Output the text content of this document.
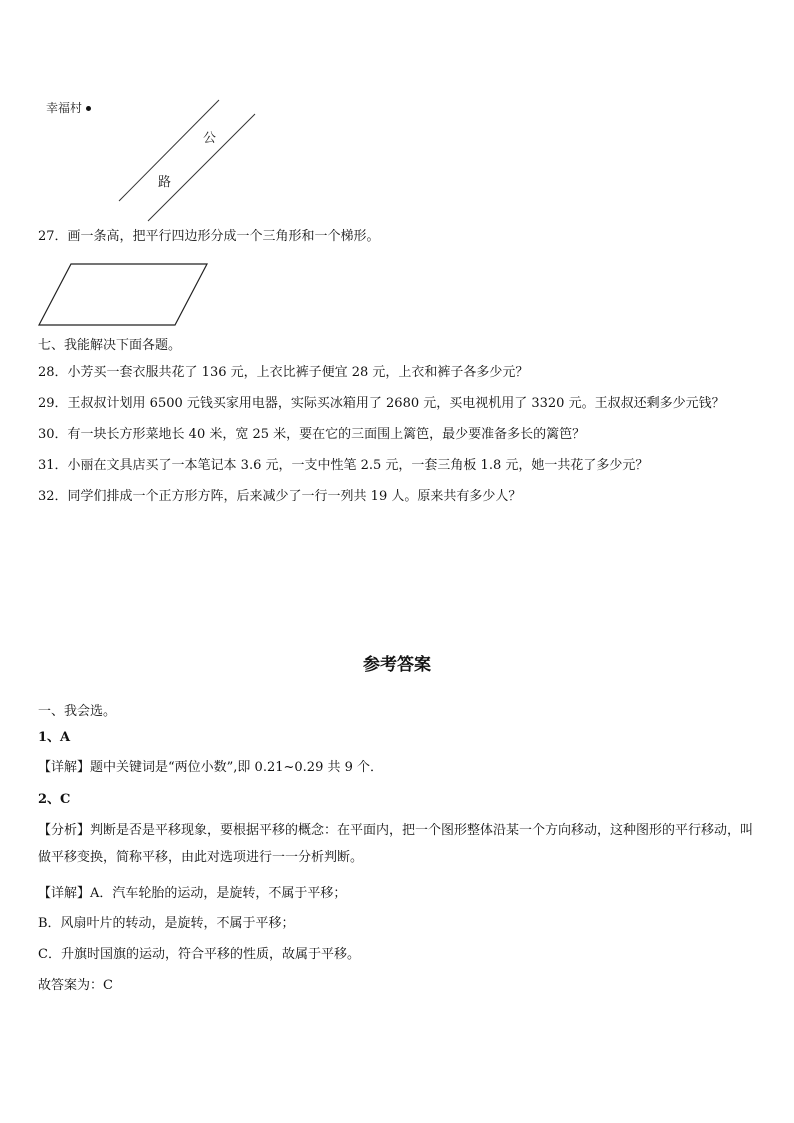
幸福村
公
路
27．画一条高，把平行四边形分成一个三角形和一个梯形。
七、我能解决下面各题。
28．小芳买一套衣服共花了 136 元，上衣比裤子便宜 28 元，上衣和裤子各多少元？
29．王叔叔计划用 6500 元钱买家用电器，实际买冰箱用了 2680 元，买电视机用了 3320 元。王叔叔还剩多少元钱？
30．有一块长方形菜地长 40 米，宽 25 米，要在它的三面围上篱笆，最少要准备多长的篱笆？
31．小丽在文具店买了一本笔记本 3.6 元，一支中性笔 2.5 元，一套三角板 1.8 元，她一共花了多少元？
32．同学们排成一个正方形方阵，后来减少了一行一列共 19 人。原来共有多少人？
参考答案
一、我会选。
1、A
【详解】题中关键词是“两位小数”,即 0.21~0.29 共 9 个．
2、C
【分析】判断是否是平移现象，要根据平移的概念：在平面内，把一个图形整体沿某一个方向移动，这种图形的平行移动，叫做平移变换，简称平移，由此对选项进行一一分析判断。
【详解】A．汽车轮胎的运动，是旋转，不属于平移；
B．风扇叶片的转动，是旋转，不属于平移；
C．升旗时国旗的运动，符合平移的性质，故属于平移。
故答案为：C
